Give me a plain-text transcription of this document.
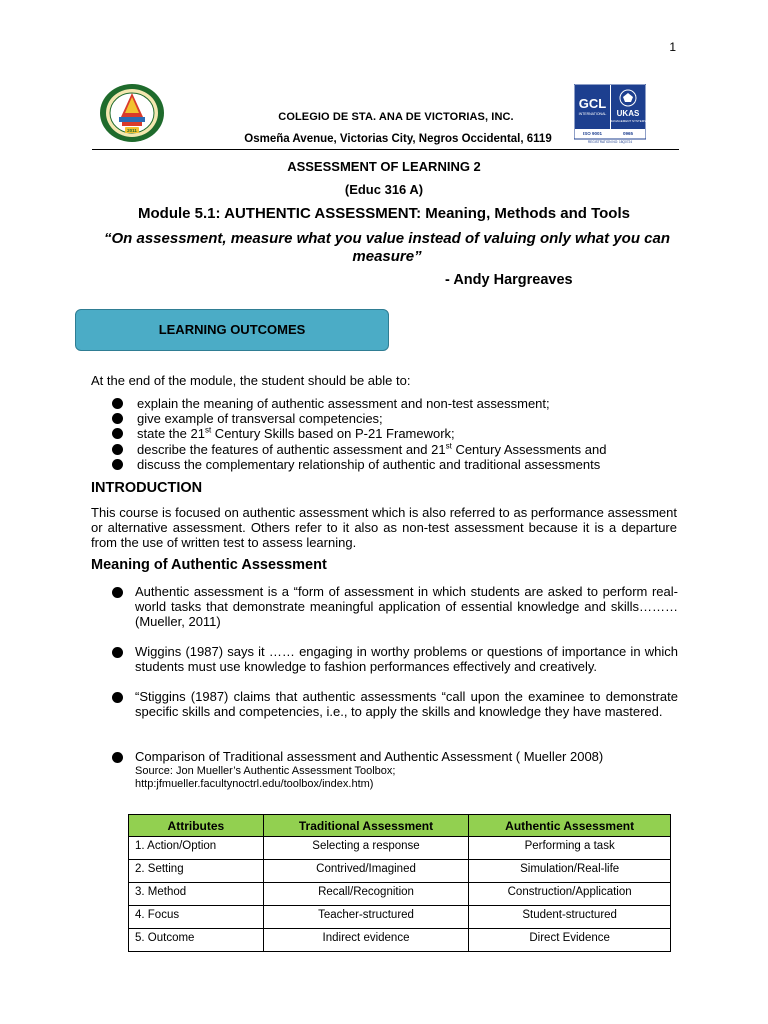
1
2011
GCL
INTERNATIONAL UKAS
MANAGEMENT SYSTEMS
ISO 9001	0965
REGISTRATION NO: 18Q0724
COLEGIO DE STA. ANA DE VICTORIAS, INC.
Osmeña Avenue, Victorias City, Negros Occidental, 6119
ASSESSMENT OF LEARNING 2
(Educ 316 A)
Module 5.1: AUTHENTIC ASSESSMENT: Meaning, Methods and Tools
“On assessment, measure what you value instead of valuing only what you can measure”
- Andy Hargreaves
LEARNING OUTCOMES
At the end of the module, the student should be able to:
explain the meaning of authentic assessment and non-test assessment;
give example of transversal competencies;
state the 21st Century Skills based on P-21 Framework;
describe the features of authentic assessment and 21st Century Assessments and
discuss the complementary relationship of authentic and traditional assessments
INTRODUCTION
This course is focused on authentic assessment which is also referred to as performance assessment or alternative assessment. Others refer to it also as non-test assessment because it is a departure from the use of written test to assess learning.
Meaning of Authentic Assessment
Authentic assessment is a “form of assessment in which students are asked to perform real-world tasks that demonstrate meaningful application of essential knowledge and skills………(Mueller, 2011)
Wiggins (1987) says it …… engaging in worthy problems or questions of importance in which students must use knowledge to fashion performances effectively and creatively.
“Stiggins (1987) claims that authentic assessments “call upon the examinee to demonstrate specific skills and competencies, i.e., to apply the skills and knowledge they have mastered.
Comparison of Traditional assessment and Authentic Assessment ( Mueller 2008)
Source: Jon Mueller’s Authentic Assessment Toolbox;
http:jfmueller.facultynoctrl.edu/toolbox/index.htm)
Attributes	Traditional Assessment	Authentic Assessment
1. Action/Option	Selecting a response	Performing a task
2. Setting	Contrived/Imagined	Simulation/Real-life
3. Method	Recall/Recognition	Construction/Application
4. Focus	Teacher-structured	Student-structured
5. Outcome	Indirect evidence	Direct Evidence
